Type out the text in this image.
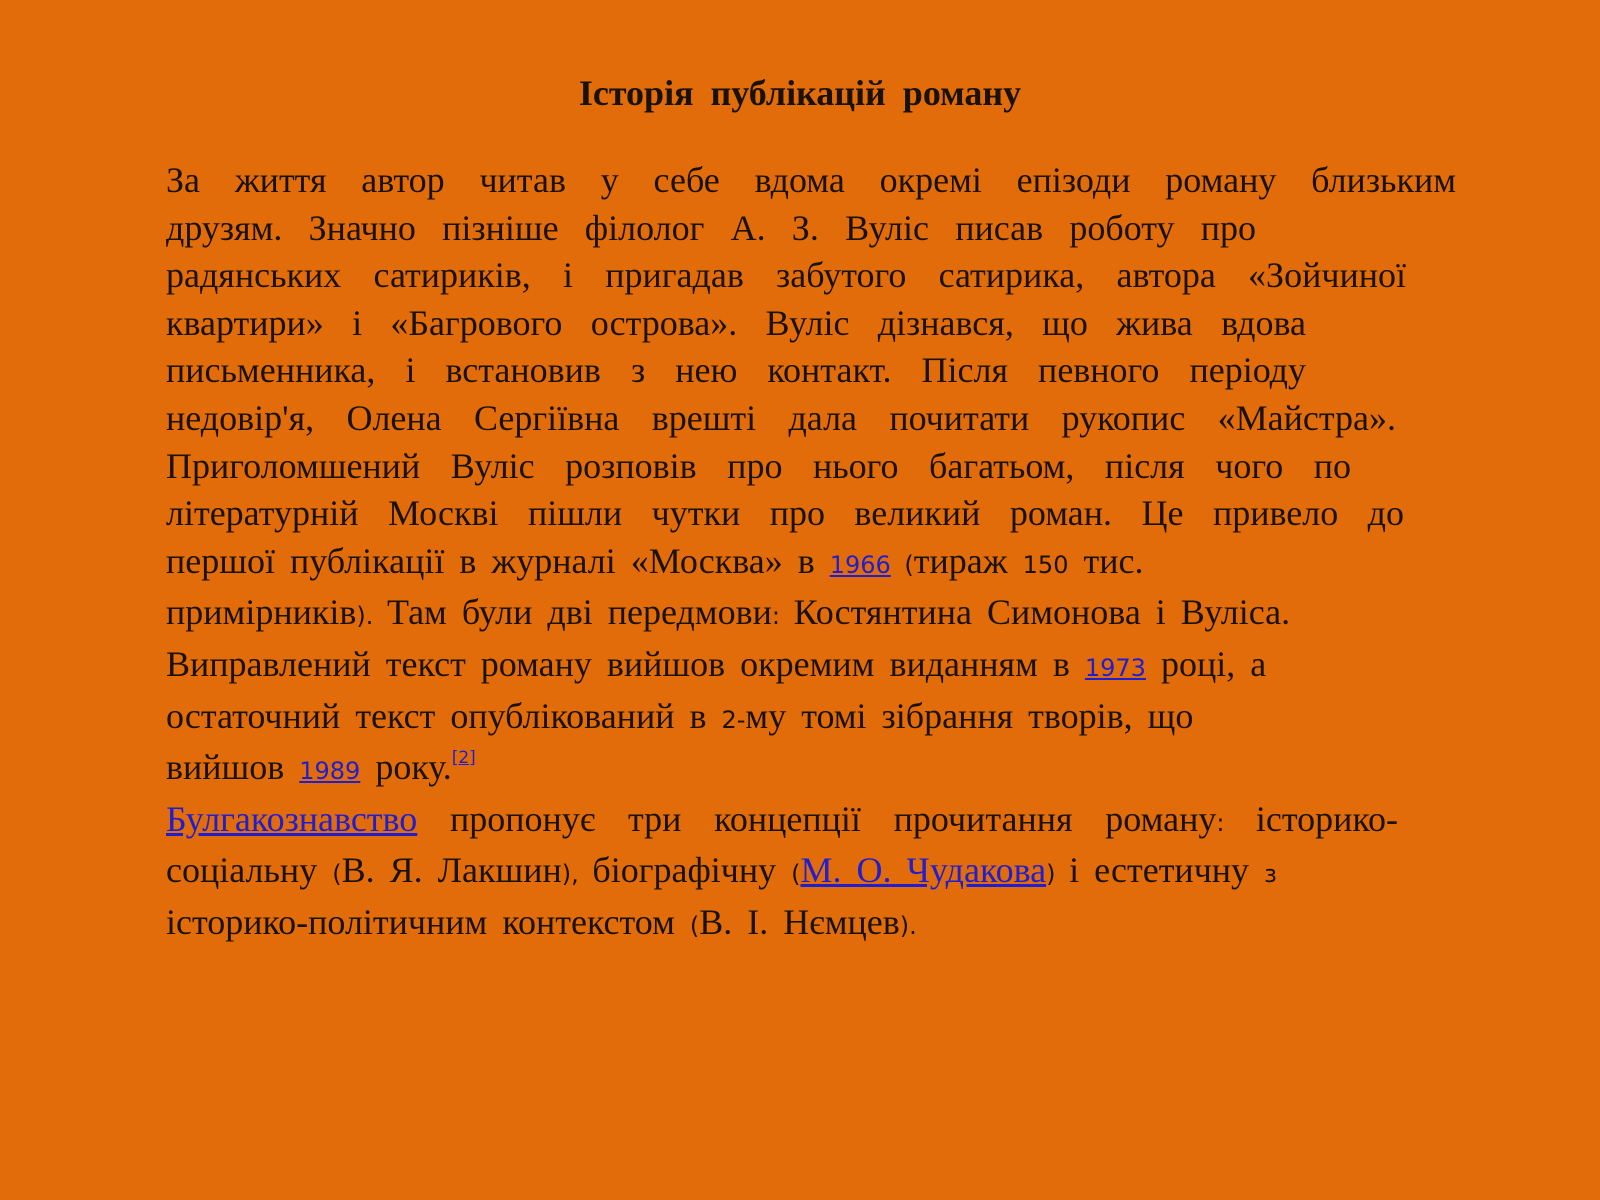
Історія публікацій роману
За життя автор читав у себе вдома окремі епізоди роману близьким
друзям. Значно пізніше філолог А. З. Вуліс писав роботу про
радянських сатириків, і пригадав забутого сатирика, автора «Зойчиної
квартири» і «Багрового острова». Вуліс дізнався, що жива вдова
письменника, і встановив з нею контакт. Після певного періоду
недовір'я, Олена Сергіївна врешті дала почитати рукопис «Майстра».
Приголомшений Вуліс розповів про нього багатьом, після чого по
літературній Москві пішли чутки про великий роман. Це привело до
першої публікації в журналі «Москва» в 1966 (тираж 150 тис.
примірників). Там були дві передмови: Костянтина Симонова і Вуліса.
Виправлений текст роману вийшов окремим виданням в 1973 році, а
остаточний текст опублікований в 2-му томі зібрання творів, що
вийшов 1989 року.[2]
Булгакознавство пропонує три концепції прочитання роману: історико-
соціальну (В. Я. Лакшин), біографічну (М. О. Чудакова) і естетичну з
історико-політичним контекстом (В. І. Нємцев).
